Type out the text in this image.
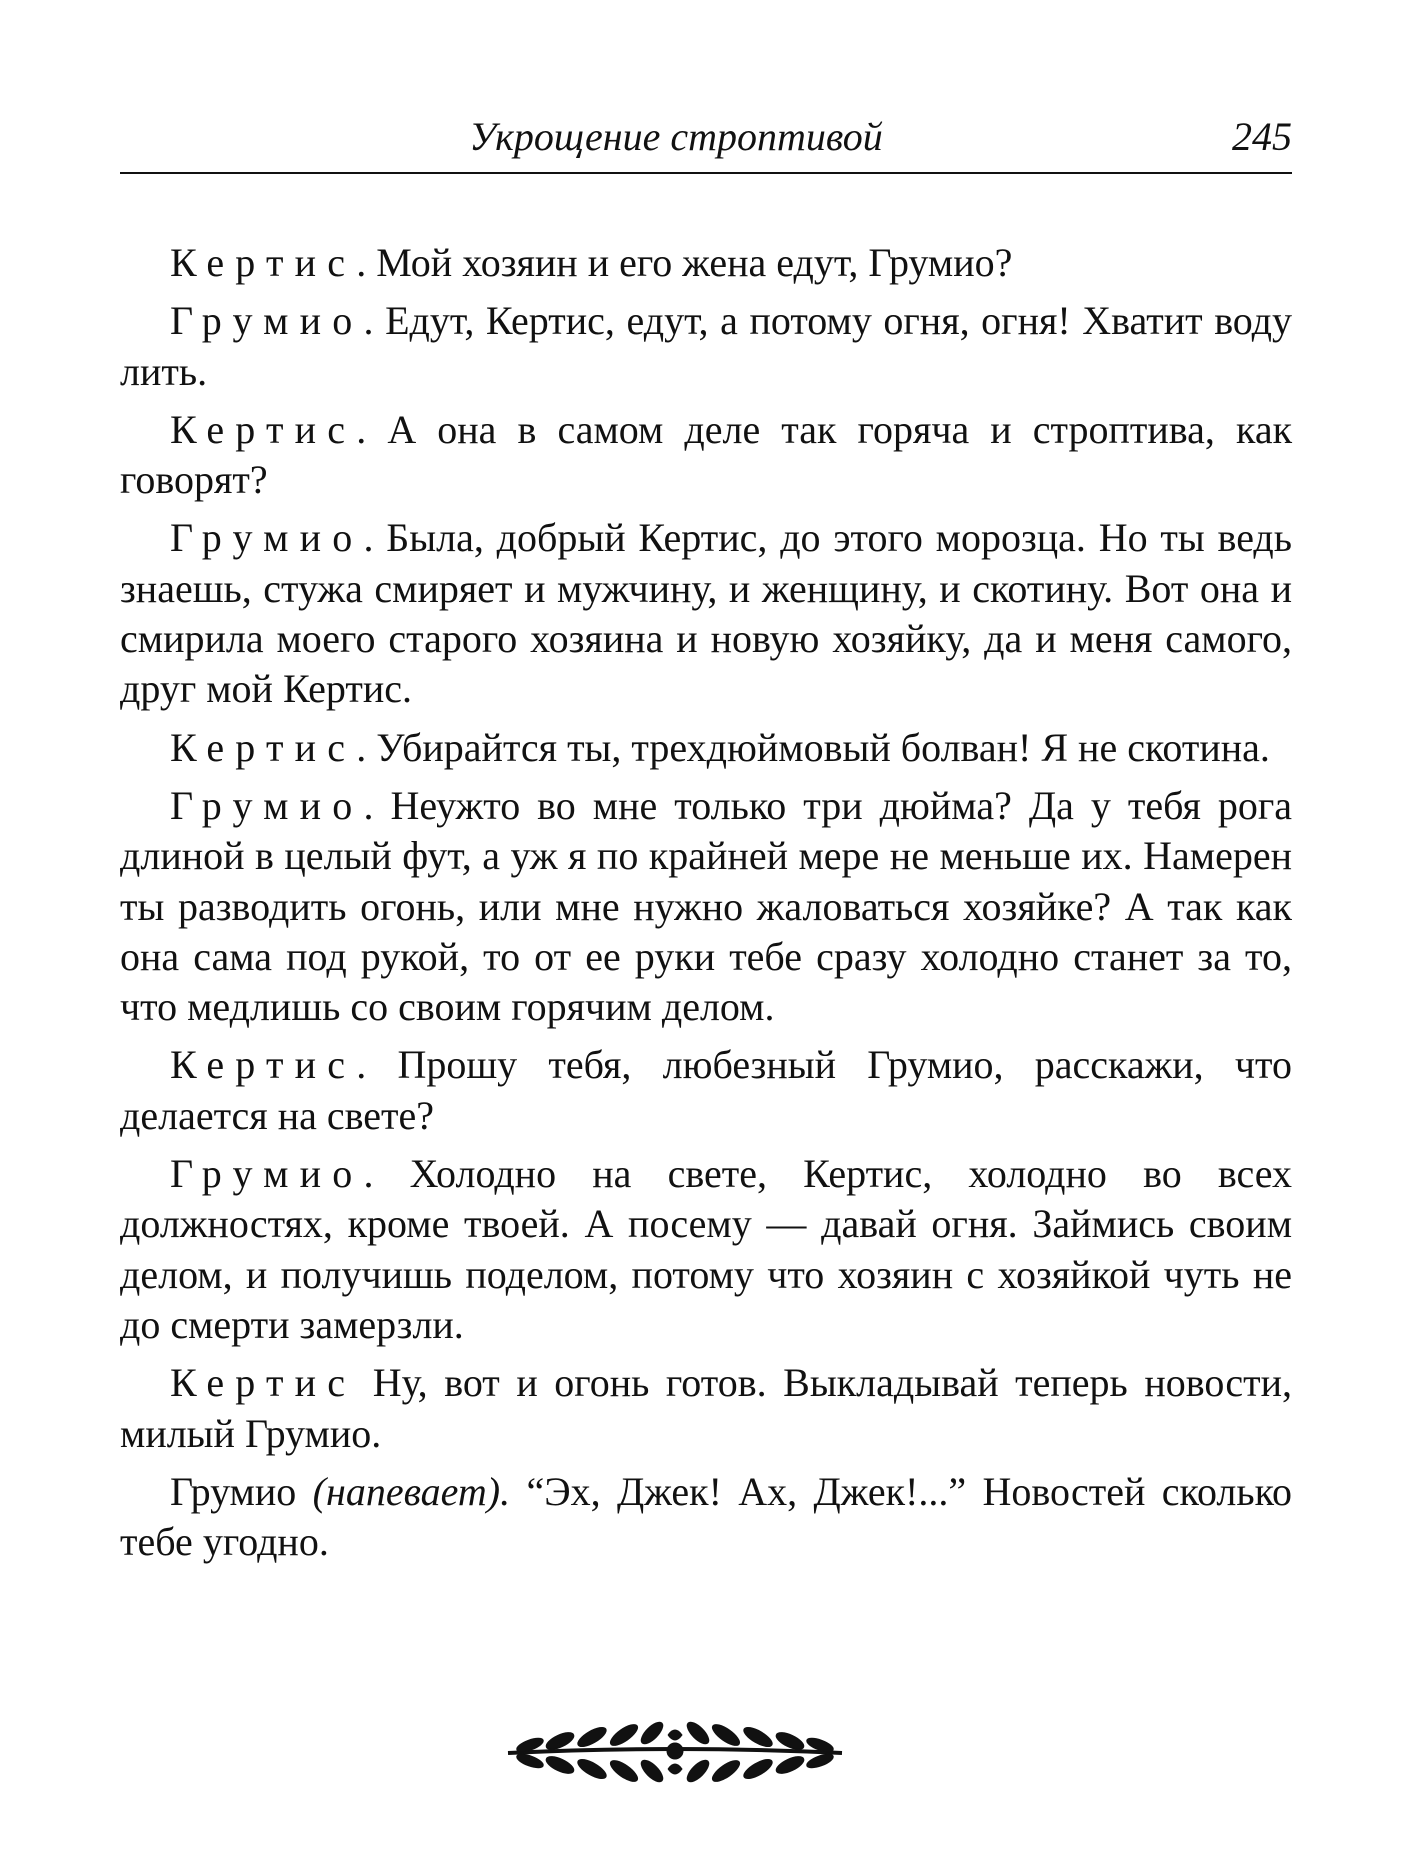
Укрощение строптивой	245

Кертис. Мой хозяин и его жена едут, Грумио?

Грумио. Едут, Кертис, едут, а потому огня, огня! Хватит воду лить.

Кертис. А она в самом деле так горяча и строптива, как говорят?

Грумио. Была, добрый Кертис, до этого морозца. Но ты ведь знаешь, стужа смиряет и мужчину, и женщину, и скотину. Вот она и смирила моего старого хозяина и новую хозяйку, да и меня самого, друг мой Кертис.

Кертис. Убирайтся ты, трехдюймовый болван! Я не скотина.

Грумио. Неужто во мне только три дюйма? Да у тебя рога длиной в целый фут, а уж я по крайней мере не меньше их. Намерен ты разводить огонь, или мне нужно жаловаться хозяйке? А так как она сама под рукой, то от ее руки тебе сразу холодно станет за то, что медлишь со своим горячим делом.

Кертис. Прошу тебя, любезный Грумио, расскажи, что делается на свете?

Грумио. Холодно на свете, Кертис, холодно во всех должностях, кроме твоей. А посему — давай огня. Займись своим делом, и получишь поделом, потому что хозяин с хозяйкой чуть не до смерти замерзли.

Кертис Ну, вот и огонь готов. Выкладывай теперь новости, милый Грумио.

Грумио (напевает). “Эх, Джек! Ах, Джек!...” Новостей сколько тебе угодно.
